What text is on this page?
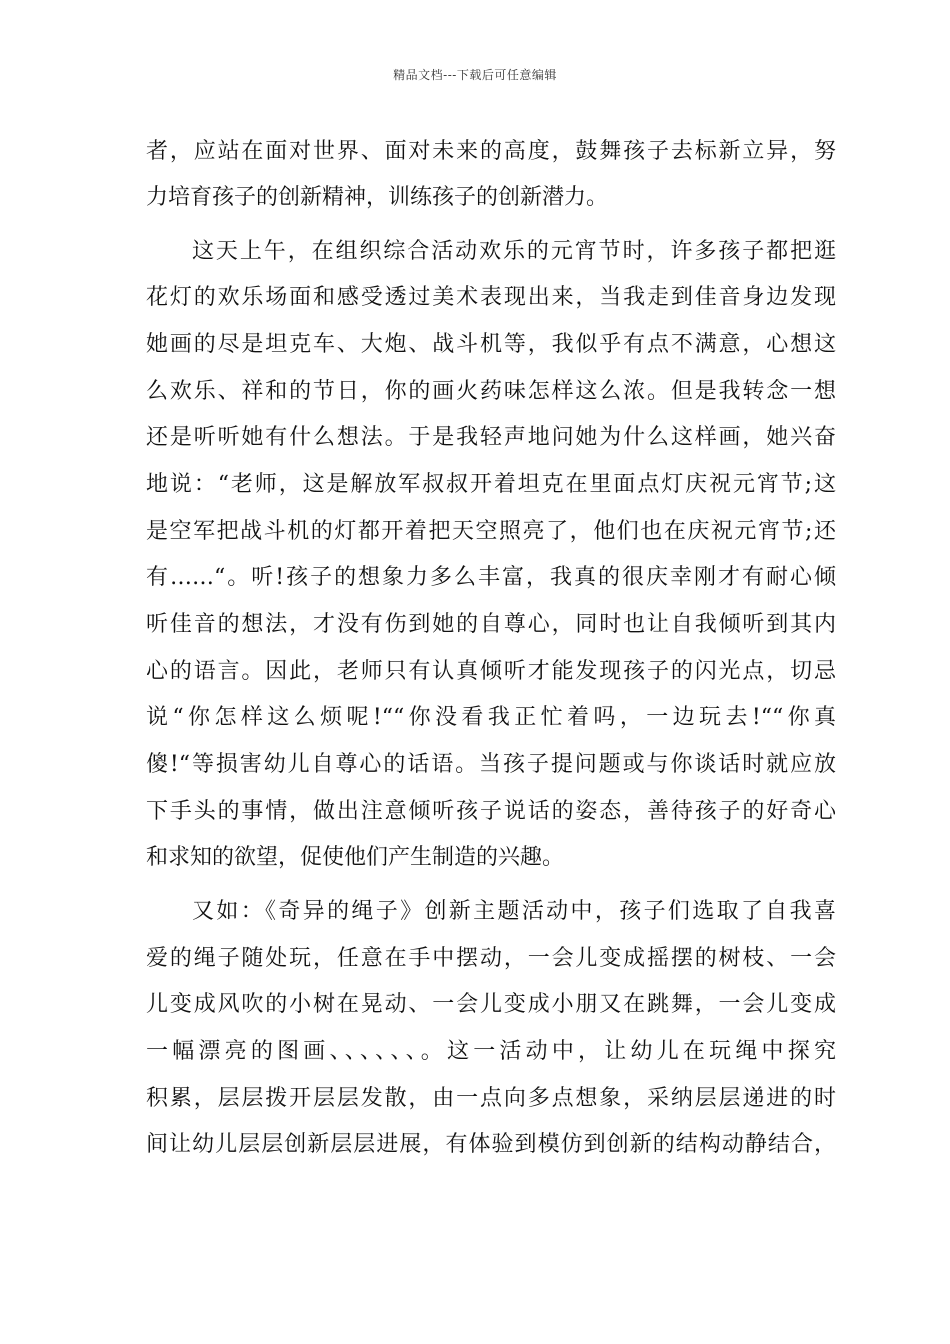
精品文档---下载后可任意编辑
者，应站在面对世界、面对未来的高度，鼓舞孩子去标新立异，努
力培育孩子的创新精神，训练孩子的创新潜力。
这天上午，在组织综合活动欢乐的元宵节时，许多孩子都把逛
花灯的欢乐场面和感受透过美术表现出来，当我走到佳音身边发现
她画的尽是坦克车、大炮、战斗机等，我似乎有点不满意，心想这
么欢乐、祥和的节日，你的画火药味怎样这么浓。但是我转念一想
还是听听她有什么想法。于是我轻声地问她为什么这样画，她兴奋
地说：“老师，这是解放军叔叔开着坦克在里面点灯庆祝元宵节;这
是空军把战斗机的灯都开着把天空照亮了，他们也在庆祝元宵节;还
有……“。听!孩子的想象力多么丰富，我真的很庆幸刚才有耐心倾
听佳音的想法，才没有伤到她的自尊心，同时也让自我倾听到其内
心的语言。因此，老师只有认真倾听才能发现孩子的闪光点，切忌
说“你怎样这么烦呢!““你没看我正忙着吗，一边玩去!““你真
傻!“等损害幼儿自尊心的话语。当孩子提问题或与你谈话时就应放
下手头的事情，做出注意倾听孩子说话的姿态，善待孩子的好奇心
和求知的欲望，促使他们产生制造的兴趣。
又如：《奇异的绳子》创新主题活动中，孩子们选取了自我喜
爱的绳子随处玩，任意在手中摆动，一会儿变成摇摆的树枝、一会
儿变成风吹的小树在晃动、一会儿变成小朋又在跳舞，一会儿变成
一幅漂亮的图画、、、、、、。这一活动中，让幼儿在玩绳中探究
积累，层层拨开层层发散，由一点向多点想象，采纳层层递进的时
间让幼儿层层创新层层进展，有体验到模仿到创新的结构动静结合，
